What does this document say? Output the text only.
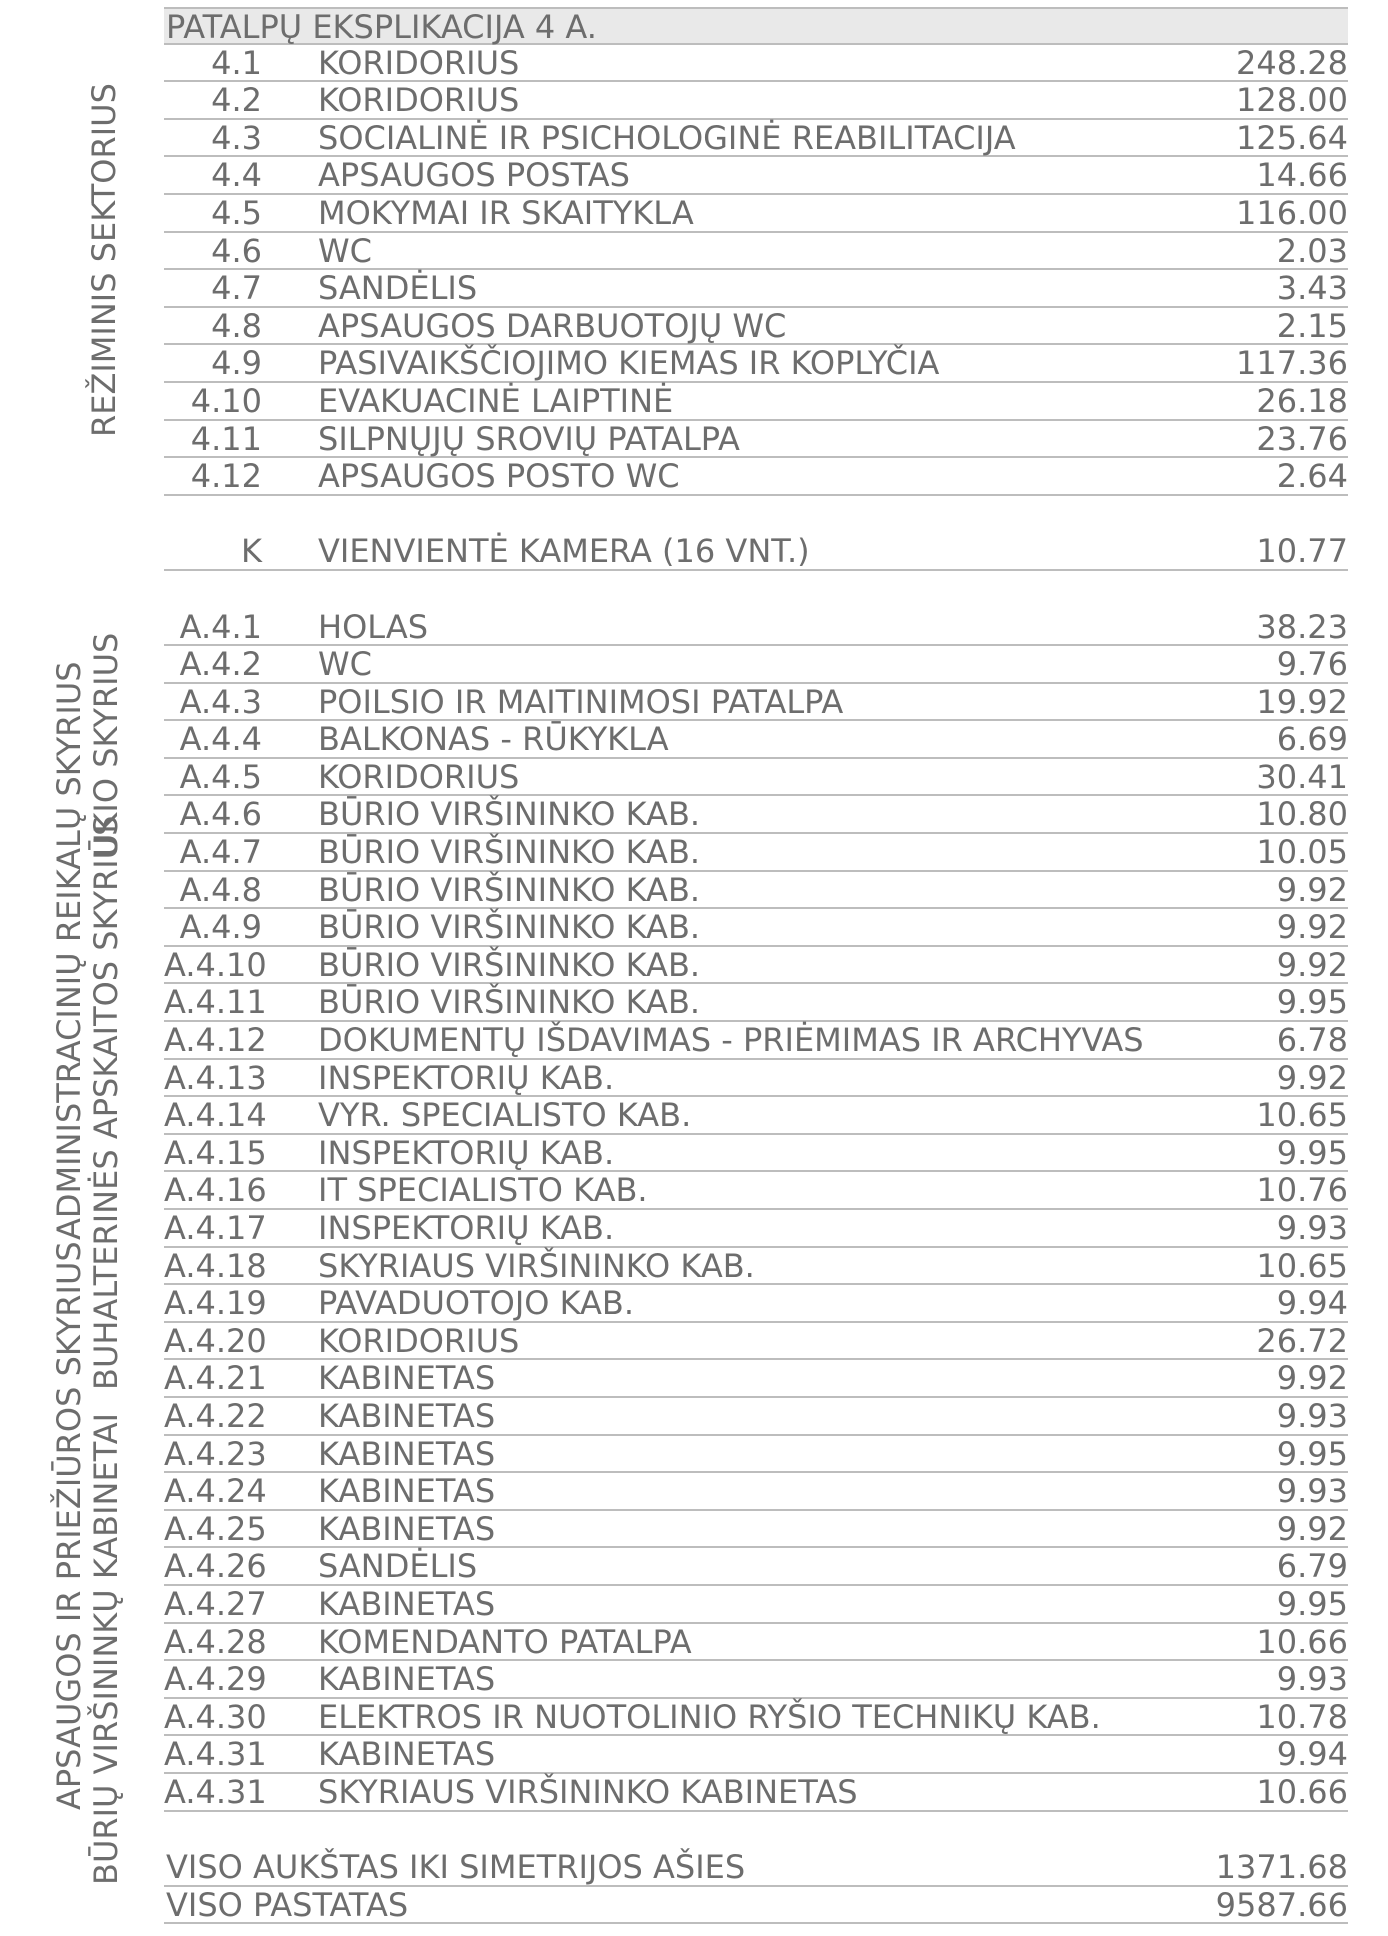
PATALPŲ EKSPLIKACIJA 4 A.
4.1 KORIDORIUS	248.28
4.2 KORIDORIUS	128.00
4.3 SOCIALINĖ IR PSICHOLOGINĖ REABILITACIJA	125.64
4.4 APSAUGOS POSTAS	14.66
4.5 MOKYMAI IR SKAITYKLA	116.00
4.6 WC	2.03
4.7 SANDĖLIS	3.43
4.8 APSAUGOS DARBUOTOJŲ WC	2.15
4.9 PASIVAIKŠČIOJIMO KIEMAS IR KOPLYČIA	117.36
4.10 EVAKUACINĖ LAIPTINĖ	26.18
4.11 SILPNŲJŲ SROVIŲ PATALPA	23.76
4.12 APSAUGOS POSTO WC	2.64
K VIENVIENTĖ KAMERA (16 VNT.)	10.77
A.4.1 HOLAS	38.23
A.4.2 WC	9.76
A.4.3 POILSIO IR MAITINIMOSI PATALPA	19.92
A.4.4 BALKONAS - RŪKYKLA	6.69
A.4.5 KORIDORIUS	30.41
A.4.6 BŪRIO VIRŠININKO KAB.	10.80
A.4.7 BŪRIO VIRŠININKO KAB.	10.05
A.4.8 BŪRIO VIRŠININKO KAB.	9.92
A.4.9 BŪRIO VIRŠININKO KAB.	9.92
A.4.10 BŪRIO VIRŠININKO KAB.	9.92
A.4.11 BŪRIO VIRŠININKO KAB.	9.95
A.4.12 DOKUMENTŲ IŠDAVIMAS - PRIĖMIMAS IR ARCHYVAS	6.78
A.4.13 INSPEKTORIŲ KAB.	9.92
A.4.14 VYR. SPECIALISTO KAB.	10.65
A.4.15 INSPEKTORIŲ KAB.	9.95
A.4.16 IT SPECIALISTO KAB.	10.76
A.4.17 INSPEKTORIŲ KAB.	9.93
A.4.18 SKYRIAUS VIRŠININKO KAB.	10.65
A.4.19 PAVADUOTOJO KAB.	9.94
A.4.20 KORIDORIUS	26.72
A.4.21 KABINETAS	9.92
A.4.22 KABINETAS	9.93
A.4.23 KABINETAS	9.95
A.4.24 KABINETAS	9.93
A.4.25 KABINETAS	9.92
A.4.26 SANDĖLIS	6.79
A.4.27 KABINETAS	9.95
A.4.28 KOMENDANTO PATALPA	10.66
A.4.29 KABINETAS	9.93
A.4.30 ELEKTROS IR NUOTOLINIO RYŠIO TECHNIKŲ KAB.	10.78
A.4.31 KABINETAS	9.94
A.4.31 SKYRIAUS VIRŠININKO KABINETAS	10.66
VISO AUKŠTAS IKI SIMETRIJOS AŠIES	1371.68
VISO PASTATAS	9587.66
REŽIMINIS SEKTORIUS
ŪKIO SKYRIUS
ADMINISTRACINIŲ REIKALŲ SKYRIUS BUHALTERINĖS APSKAITOS SKYRIUS
APSAUGOS IR PRIEŽIŪROS SKYRIUS BŪRIŲ VIRŠININKŲ KABINETAI
